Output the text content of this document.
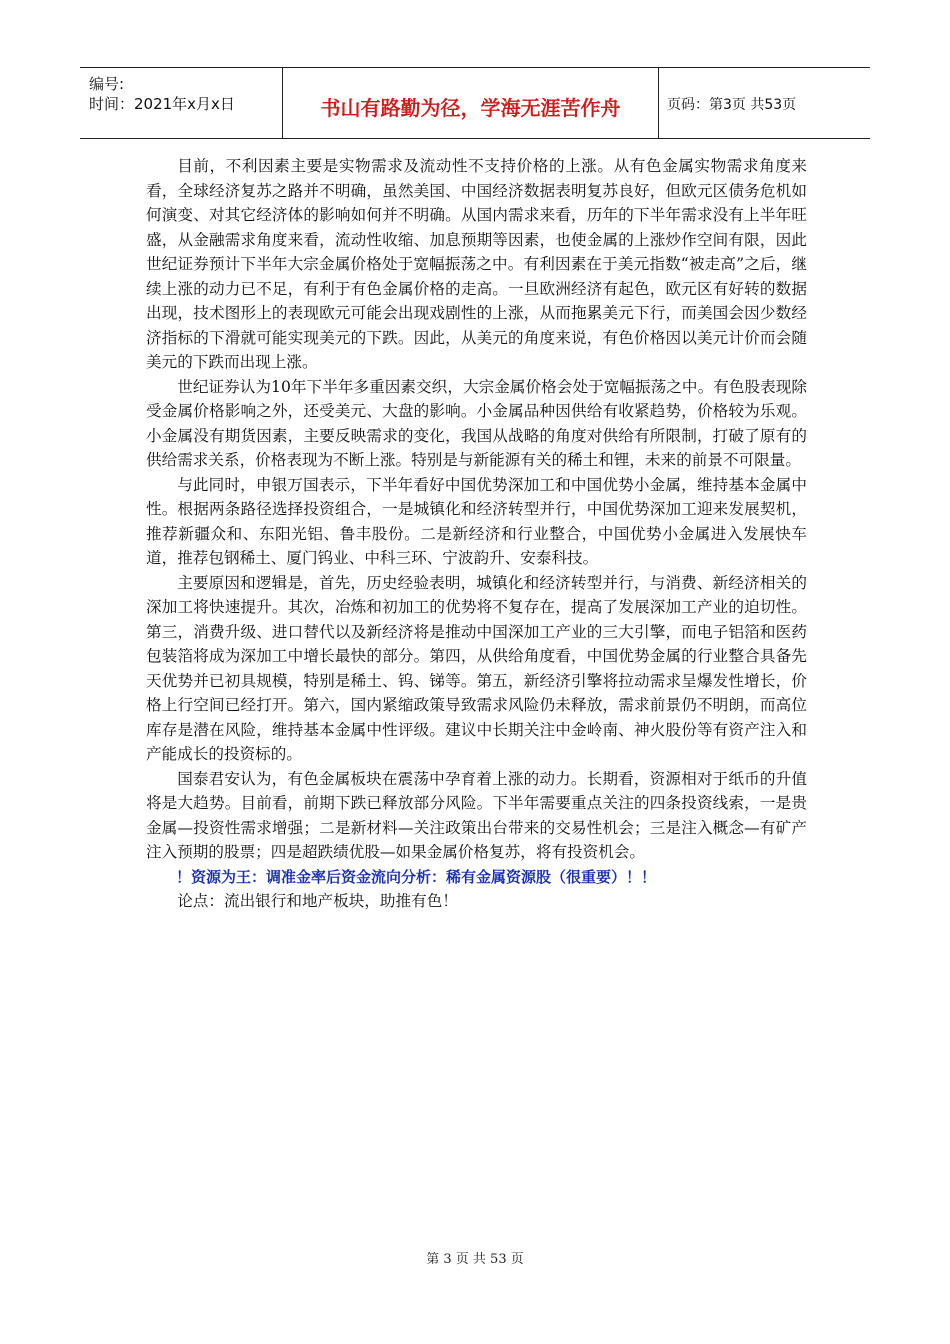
编号:
时间：2021年x月x日	书山有路勤为径，学海无涯苦作舟	页码：第3页 共53页

目前，不利因素主要是实物需求及流动性不支持价格的上涨。从有色金属实物需求角度来看，全球经济复苏之路并不明确，虽然美国、中国经济数据表明复苏良好，但欧元区债务危机如何演变、对其它经济体的影响如何并不明确。从国内需求来看，历年的下半年需求没有上半年旺盛，从金融需求角度来看，流动性收缩、加息预期等因素，也使金属的上涨炒作空间有限，因此世纪证券预计下半年大宗金属价格处于宽幅振荡之中。有利因素在于美元指数“被走高”之后，继续上涨的动力已不足，有利于有色金属价格的走高。一旦欧洲经济有起色，欧元区有好转的数据出现，技术图形上的表现欧元可能会出现戏剧性的上涨，从而拖累美元下行，而美国会因少数经济指标的下滑就可能实现美元的下跌。因此，从美元的角度来说，有色价格因以美元计价而会随美元的下跌而出现上涨。

世纪证券认为10年下半年多重因素交织，大宗金属价格会处于宽幅振荡之中。有色股表现除受金属价格影响之外，还受美元、大盘的影响。小金属品种因供给有收紧趋势，价格较为乐观。小金属没有期货因素，主要反映需求的变化，我国从战略的角度对供给有所限制，打破了原有的供给需求关系，价格表现为不断上涨。特别是与新能源有关的稀土和锂，未来的前景不可限量。

与此同时，申银万国表示，下半年看好中国优势深加工和中国优势小金属，维持基本金属中性。根据两条路径选择投资组合，一是城镇化和经济转型并行，中国优势深加工迎来发展契机，推荐新疆众和、东阳光铝、鲁丰股份。二是新经济和行业整合，中国优势小金属进入发展快车道，推荐包钢稀土、厦门钨业、中科三环、宁波韵升、安泰科技。

主要原因和逻辑是，首先，历史经验表明，城镇化和经济转型并行，与消费、新经济相关的深加工将快速提升。其次，冶炼和初加工的优势将不复存在，提高了发展深加工产业的迫切性。第三，消费升级、进口替代以及新经济将是推动中国深加工产业的三大引擎，而电子铝箔和医药包装箔将成为深加工中增长最快的部分。第四，从供给角度看，中国优势金属的行业整合具备先天优势并已初具规模，特别是稀土、钨、锑等。第五，新经济引擎将拉动需求呈爆发性增长，价格上行空间已经打开。第六，国内紧缩政策导致需求风险仍未释放，需求前景仍不明朗，而高位库存是潜在风险，维持基本金属中性评级。建议中长期关注中金岭南、神火股份等有资产注入和产能成长的投资标的。

国泰君安认为，有色金属板块在震荡中孕育着上涨的动力。长期看，资源相对于纸币的升值将是大趋势。目前看，前期下跌已释放部分风险。下半年需要重点关注的四条投资线索，一是贵金属—投资性需求增强；二是新材料—关注政策出台带来的交易性机会；三是注入概念—有矿产注入预期的股票；四是超跌绩优股—如果金属价格复苏，将有投资机会。

！资源为王：调准金率后资金流向分析：稀有金属资源股（很重要）！！

论点：流出银行和地产板块，助推有色！

第 3 页 共 53 页
